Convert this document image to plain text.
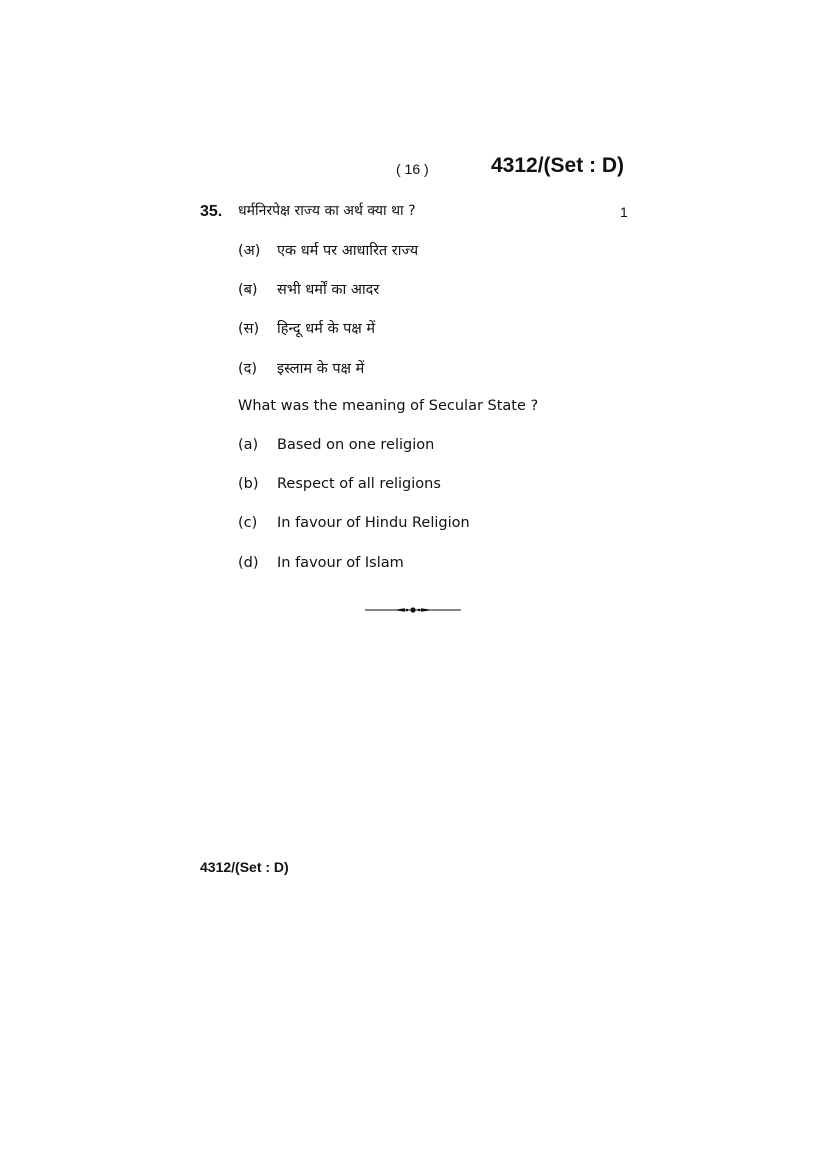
( 16 )	4312/(Set : D)
35. धर्मनिरपेक्ष राज्य का अर्थ क्या था ?	1
(अ) एक धर्म पर आधारित राज्य
(ब) सभी धर्मों का आदर
(स) हिन्दू धर्म के पक्ष में
(द) इस्लाम के पक्ष में
What was the meaning of Secular State ?
(a) Based on one religion
(b) Respect of all religions
(c) In favour of Hindu Religion
(d) In favour of Islam
4312/(Set : D)
